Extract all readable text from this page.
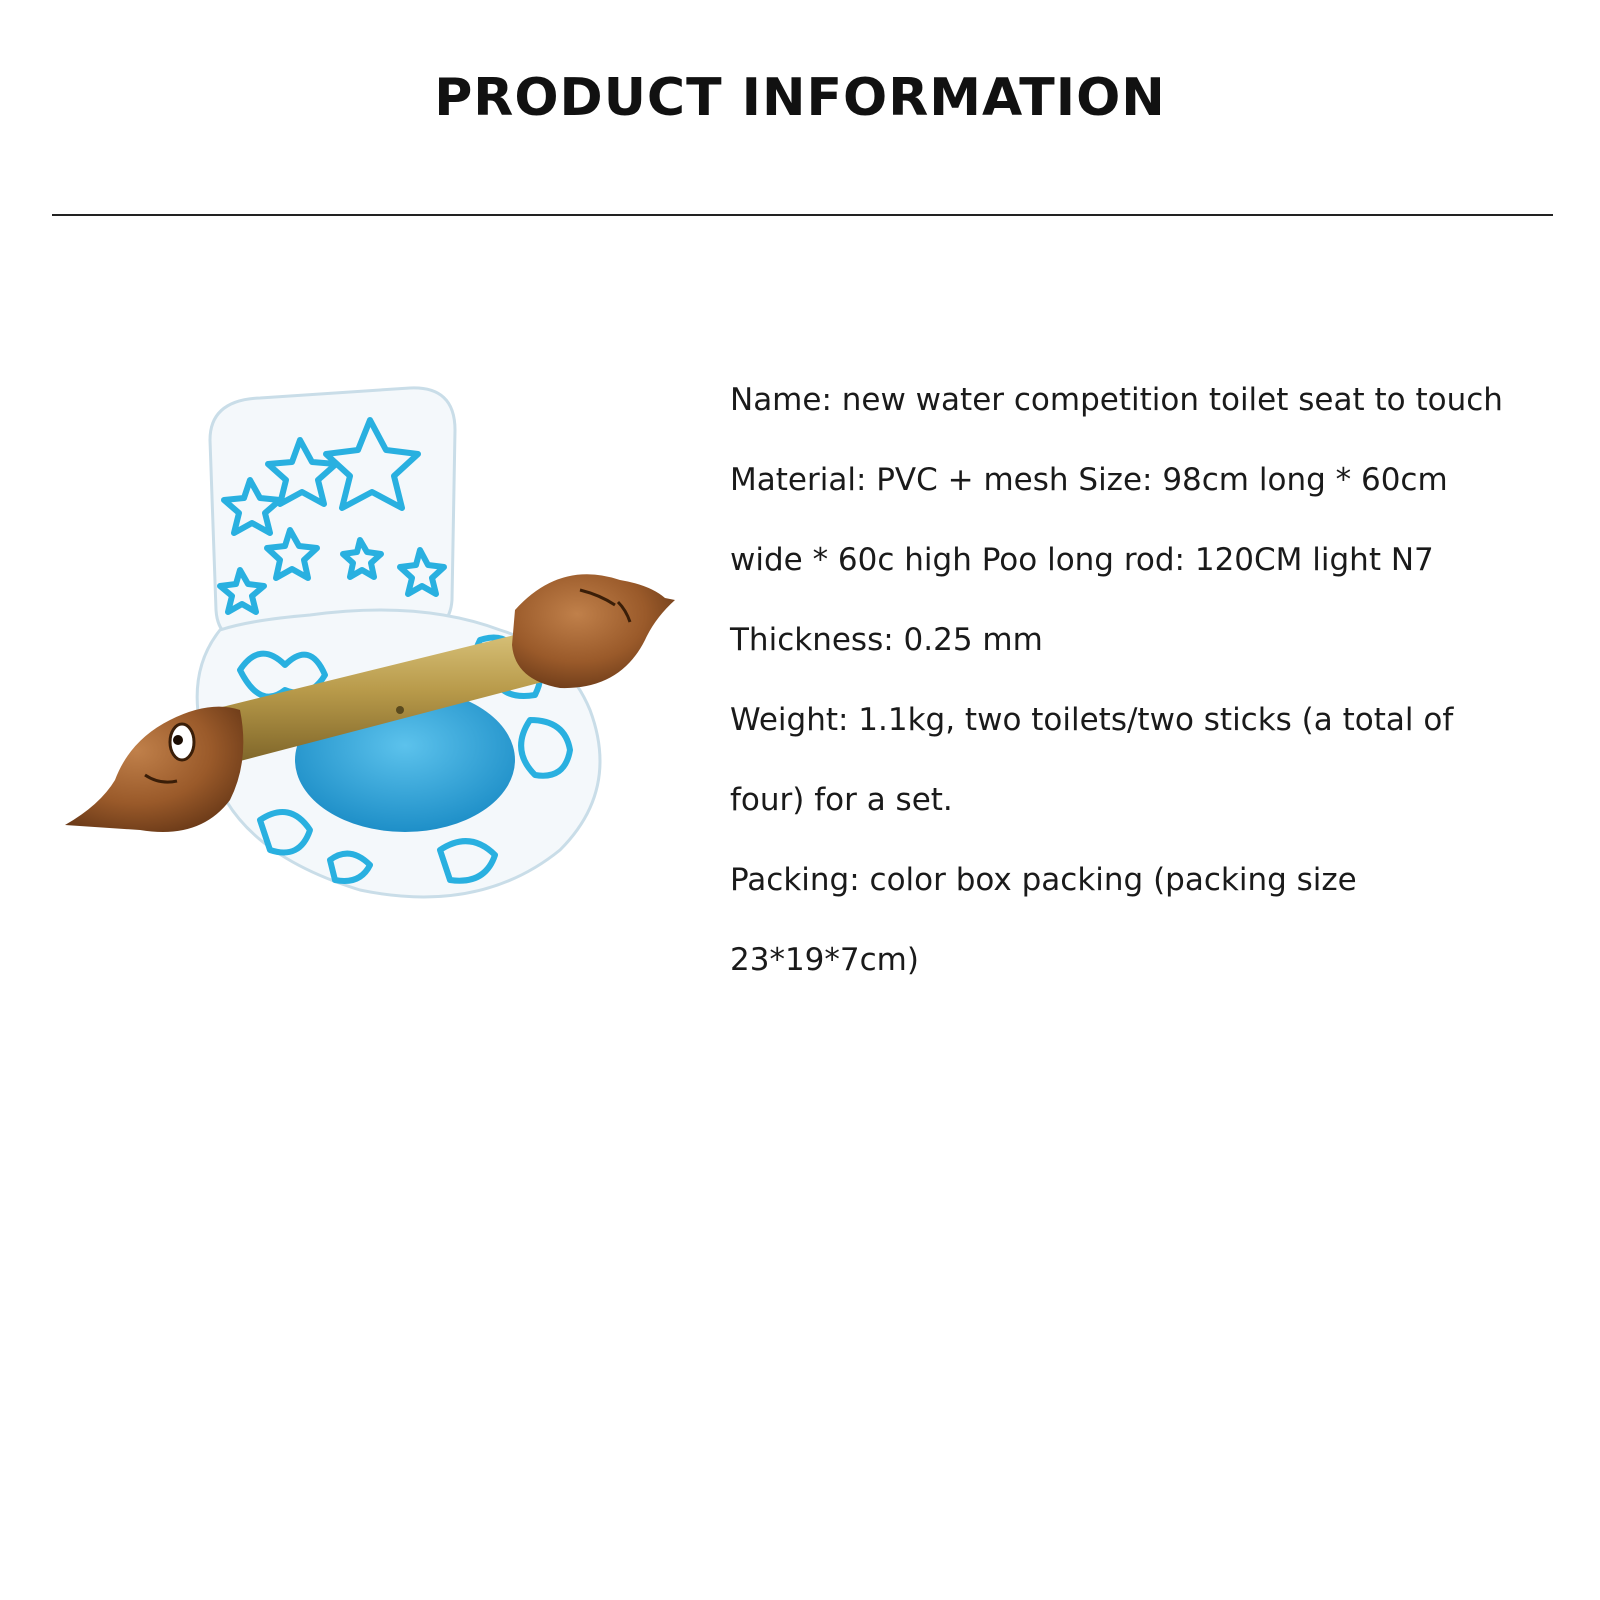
PRODUCT INFORMATION
Name: new water competition toilet seat to touch
Material: PVC + mesh Size: 98cm long * 60cm wide * 60c high Poo long rod: 120CM light N7
Thickness: 0.25 mm
Weight: 1.1kg, two toilets/two sticks (a total of four) for a set.
Packing: color box packing (packing size 23*19*7cm)
